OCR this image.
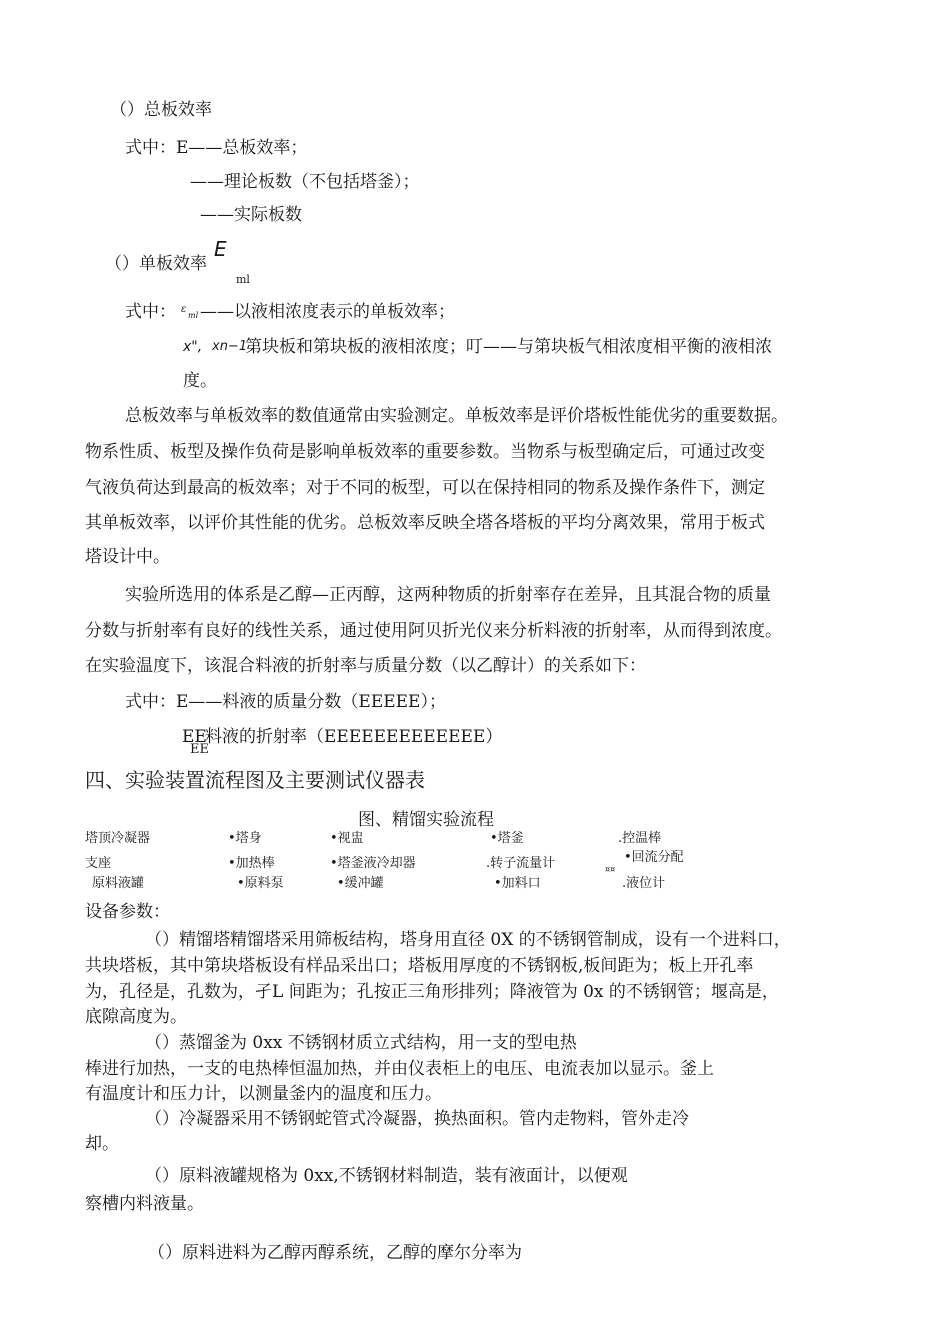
（）总板效率
式中：E——总板效率；
——理论板数（不包括塔釜）；
——实际板数
（）单板效率
E
ml
式中： ε
ml ——以液相浓度表示的单板效率；
x", xn−1
第块板和第块板的液相浓度；叮——与第块板气相浓度相平衡的液相浓
度。
总板效率与单板效率的数值通常由实验测定。单板效率是评价塔板性能优劣的重要数据。
物系性质、板型及操作负荷是影响单板效率的重要参数。当物系与板型确定后，可通过改变
气液负荷达到最高的板效率；对于不同的板型，可以在保持相同的物系及操作条件下，测定
其单板效率，以评价其性能的优劣。总板效率反映全塔各塔板的平均分离效果，常用于板式
塔设计中。
实验所选用的体系是乙醇—正丙醇，这两种物质的折射率存在差异，且其混合物的质量
分数与折射率有良好的线性关系，通过使用阿贝折光仪来分析料液的折射率，从而得到浓度。
在实验温度下，该混合料液的折射率与质量分数（以乙醇计）的关系如下：
式中：E——料液的质量分数（EEEEE）；
EE
EE
料液的折射率（EEEEEEEEEEEEE）
四、实验装置流程图及主要测试仪器表
图、精馏实验流程
塔顶冷凝器	•塔身	•视盅	•塔釜	.控温棒
支座	•加热棒	•塔釜液冷却器	.转子流量计	•回流分配
¤¤
原料液罐	•原料泵	•缓冲罐	•加料口	.液位计
设备参数：
（）精馏塔精馏塔采用筛板结构，塔身用直径 0X 的不锈钢管制成，设有一个进料口，
共块塔板，其中第块塔板设有样品采出口；塔板用厚度的不锈钢板,板间距为；板上开孔率
为，孔径是，孔数为，孑L 间距为；孔按正三角形排列；降液管为 0x 的不锈钢管；堰高是，
底隙高度为。
（）蒸馏釜为 0xx 不锈钢材质立式结构，用一支的型电热
棒进行加热，一支的电热棒恒温加热，并由仪表柜上的电压、电流表加以显示。釜上
有温度计和压力计，以测量釜内的温度和压力。
（）冷凝器采用不锈钢蛇管式冷凝器，换热面积。管内走物料，管外走冷
却。
（）原料液罐规格为 0xx,不锈钢材料制造，装有液面计，以便观
察槽内料液量。
（）原料进料为乙醇丙醇系统，乙醇的摩尔分率为
